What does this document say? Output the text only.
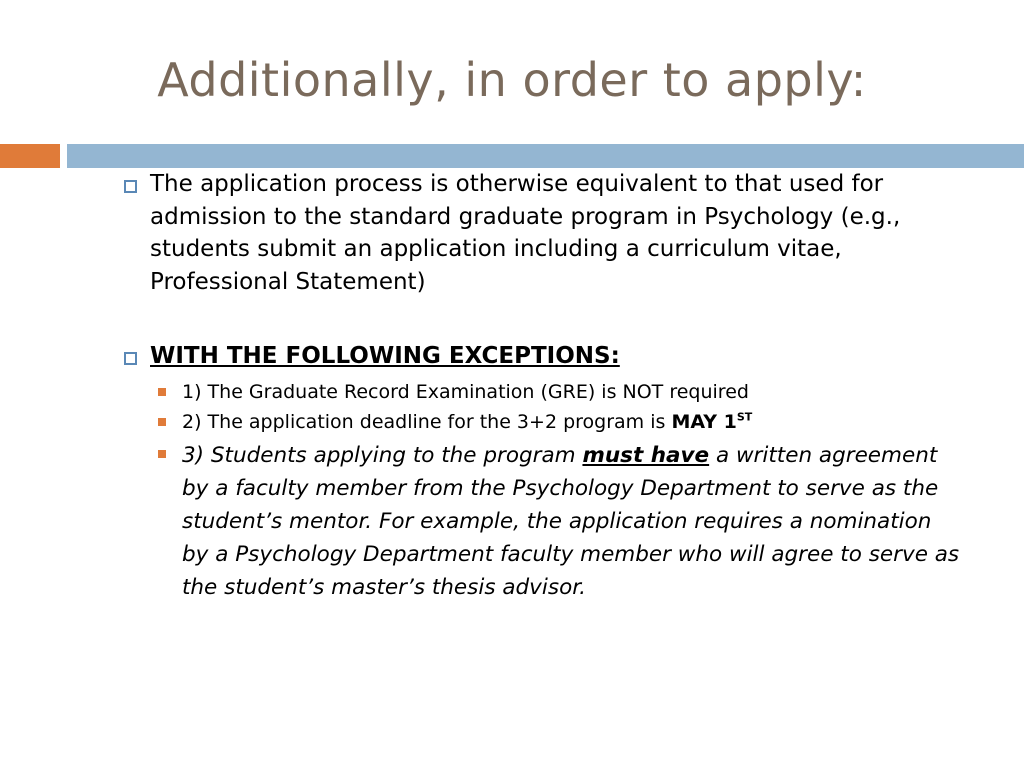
Additionally, in order to apply:
The application process is otherwise equivalent to that used for admission to the standard graduate program in Psychology (e.g., students submit an application including a curriculum vitae, Professional Statement)
WITH THE FOLLOWING EXCEPTIONS:
1) The Graduate Record Examination (GRE) is NOT required
2) The application deadline for the 3+2 program is MAY 1ST
3) Students applying to the program must have a written agreement by a faculty member from the Psychology Department to serve as the student’s mentor. For example, the application requires a nomination by a Psychology Department faculty member who will agree to serve as the student’s master’s thesis advisor.
